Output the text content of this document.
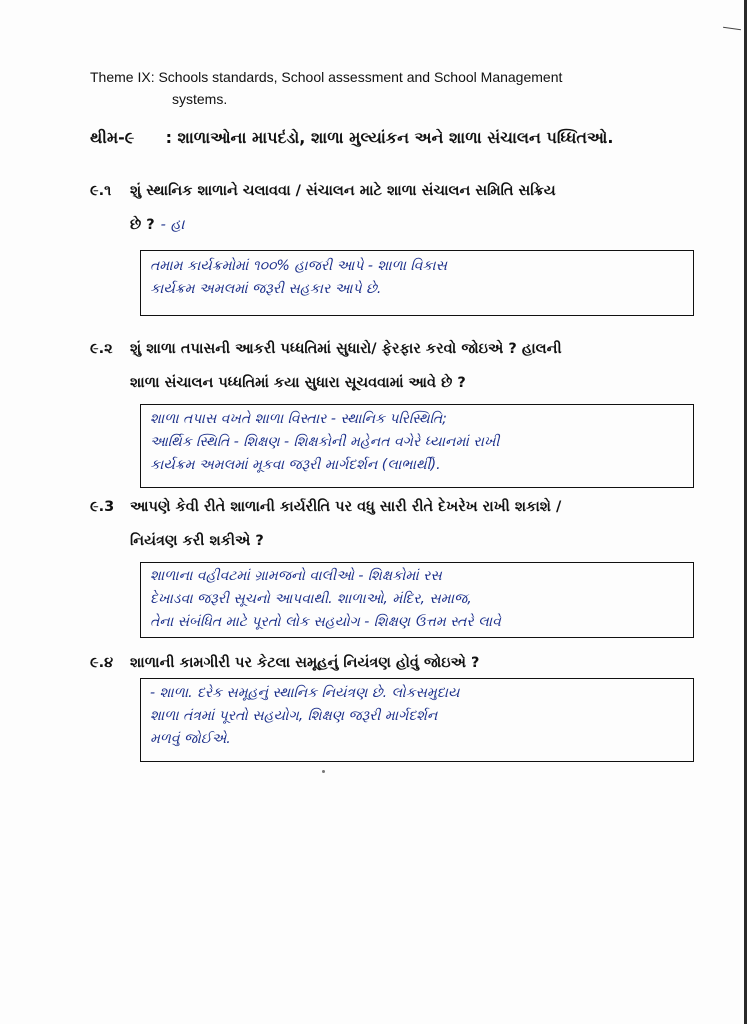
Theme IX: Schools standards, School assessment and School Management
systems.
થીમ-૯ : શાળાઓના માપદંડો, શાળા મુલ્યાંકન અને શાળા સંચાલન પધ્ધિતઓ.
૯.૧	શું સ્થાનિક શાળાને ચલાવવા / સંચાલન માટે શાળા સંચાલન સમિતિ સક્રિય
છે ? - હા
તમામ કાર્યક્રમોમાં ૧૦૦% હાજરી આપે - શાળા વિકાસ
કાર્યક્રમ અમલમાં જરૂરી સહકાર આપે છે.
૯.૨	શું શાળા તપાસની આકરી પધ્ધતિમાં સુધારો/ ફેરફાર કરવો જોઇએ ? હાલની
શાળા સંચાલન પધ્ધતિમાં કયા સુધારા સૂચવવામાં આવે છે ?
શાળા તપાસ વખતે શાળા વિસ્તાર - સ્થાનિક પરિસ્થિતિ;
આર્થિક સ્થિતિ - શિક્ષણ - શિક્ષકોની મહેનત વગેરે ધ્યાનમાં રાખી
કાર્યક્રમ અમલમાં મૂકવા જરૂરી માર્ગદર્શન (લાભાર્થી).
૯.3	આપણે કેવી રીતે શાળાની કાર્યરીતિ પર વધુ સારી રીતે દેખરેખ રાખી શકાશે /
નિયંત્રણ કરી શકીએ ?
શાળાના વહીવટમાં ગ્રામજનો વાલીઓ - શિક્ષકોમાં રસ
દેખાડવા જરૂરી સૂચનો આપવાથી. શાળાઓ, મંદિર, સમાજ,
તેના સંબંધિત માટે પૂરતો લોક સહયોગ - શિક્ષણ ઉત્તમ સ્તરે લાવે
૯.૪	શાળાની કામગીરી પર કેટલા સમૂહનું નિયંત્રણ હોવું જોઇએ ?
- શાળા. દરેક સમૂહનું સ્થાનિક નિયંત્રણ છે. લોકસમુદાય
શાળા તંત્રમાં પૂરતો સહયોગ, શિક્ષણ જરૂરી માર્ગદર્શન
મળવું જોઈએ.
